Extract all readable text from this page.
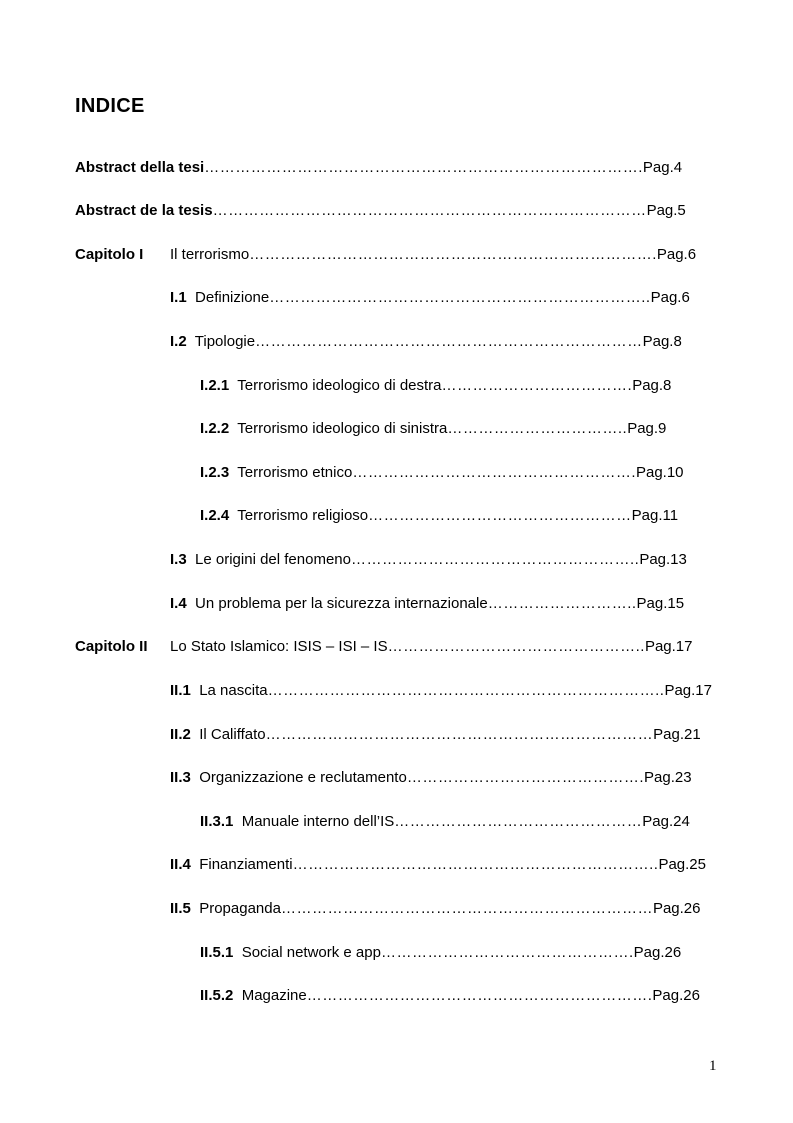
INDICE
Abstract della tesi………………………………………………………………………….Pag.4
Abstract de la tesis…………………………………………………………………………Pag.5
Capitolo I Il terrorismo…………………………………………………………………….Pag.6
I.1 Definizione………………………………………………………………..Pag.6
I.2 Tipologie…………………………………………………………………Pag.8
I.2.1 Terrorismo ideologico di destra……………………………….Pag.8
I.2.2 Terrorismo ideologico di sinistra……………………………..Pag.9
I.2.3 Terrorismo etnico……………………………………………….Pag.10
I.2.4 Terrorismo religioso……………………………………………Pag.11
I.3 Le origini del fenomeno………………………………………………..Pag.13
I.4 Un problema per la sicurezza internazionale………………………..Pag.15
Capitolo II Lo Stato Islamico: ISIS – ISI – IS…………………………………………..Pag.17
II.1 La nascita…………………………………………………………………..Pag.17
II.2 Il Califfato…………………………………………………………………Pag.21
II.3 Organizzazione e reclutamento……………………………………….Pag.23
II.3.1 Manuale interno dell’IS…………………………………………Pag.24
II.4 Finanziamenti……………………………………………………………..Pag.25
II.5 Propaganda………………………………………………………………Pag.26
II.5.1 Social network e app………………………………………….Pag.26
II.5.2 Magazine………………………………………………………….Pag.26
1
